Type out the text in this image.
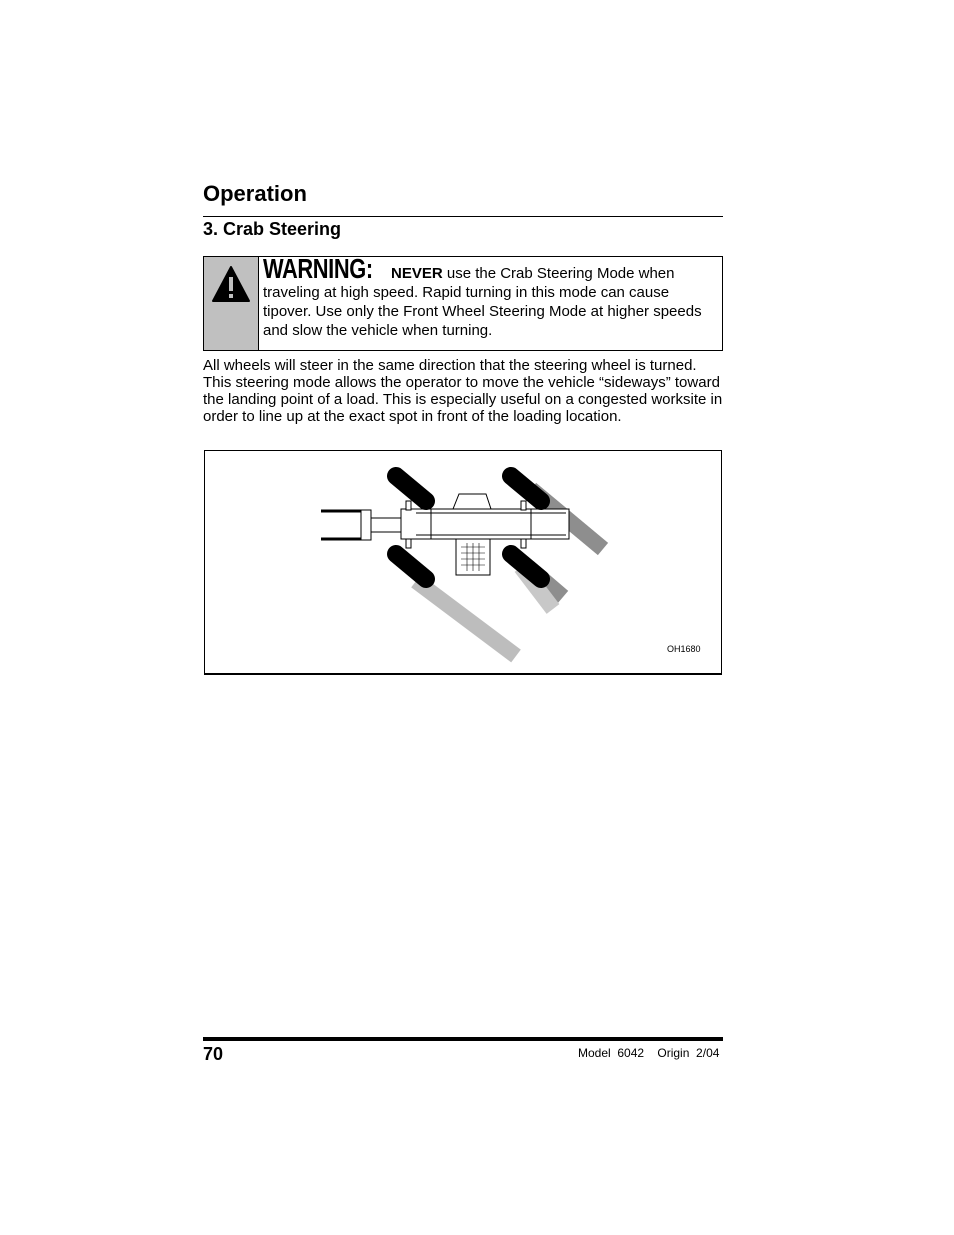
Operation
3. Crab Steering
WARNING: NEVER use the Crab Steering Mode when traveling at high speed. Rapid turning in this mode can cause tipover. Use only the Front Wheel Steering Mode at higher speeds and slow the vehicle when turning.

All wheels will steer in the same direction that the steering wheel is turned. This steering mode allows the operator to move the vehicle “sideways” toward the landing point of a load. This is especially useful on a congested worksite in order to line up at the exact spot in front of the loading location.

OH1680
70	Model  6042    Origin  2/04
